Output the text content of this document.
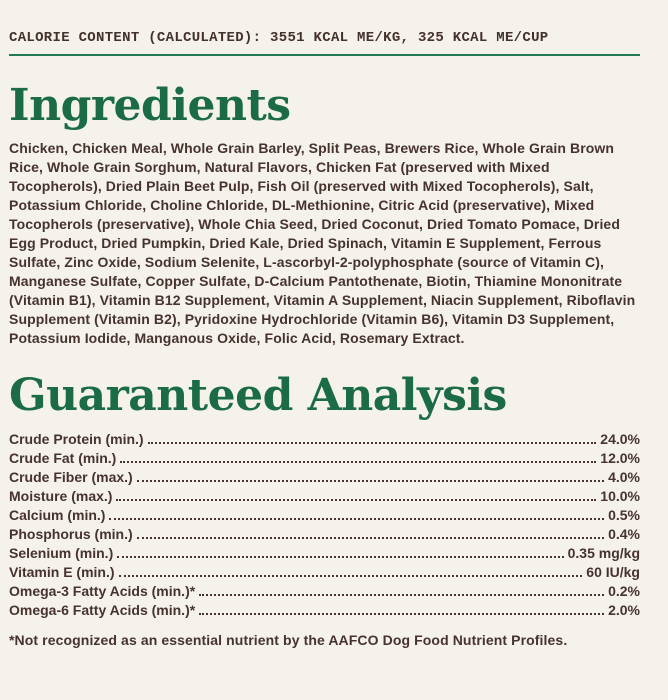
CALORIE CONTENT (CALCULATED): 3551 KCAL ME/KG, 325 KCAL ME/CUP
Ingredients

Chicken, Chicken Meal, Whole Grain Barley, Split Peas, Brewers Rice, Whole Grain Brown Rice, Whole Grain Sorghum, Natural Flavors, Chicken Fat (preserved with Mixed Tocopherols), Dried Plain Beet Pulp, Fish Oil (preserved with Mixed Tocopherols), Salt, Potassium Chloride, Choline Chloride, DL-Methionine, Citric Acid (preservative), Mixed Tocopherols (preservative), Whole Chia Seed, Dried Coconut, Dried Tomato Pomace, Dried Egg Product, Dried Pumpkin, Dried Kale, Dried Spinach, Vitamin E Supplement, Ferrous Sulfate, Zinc Oxide, Sodium Selenite, L-ascorbyl-2-polyphosphate (source of Vitamin C), Manganese Sulfate, Copper Sulfate, D-Calcium Pantothenate, Biotin, Thiamine Mononitrate (Vitamin B1), Vitamin B12 Supplement, Vitamin A Supplement, Niacin Supplement, Riboflavin Supplement (Vitamin B2), Pyridoxine Hydrochloride (Vitamin B6), Vitamin D3 Supplement, Potassium Iodide, Manganous Oxide, Folic Acid, Rosemary Extract.

Guaranteed Analysis
Crude Protein (min.)	24.0%
Crude Fat (min.)	12.0%
Crude Fiber (max.)	4.0%
Moisture (max.)	10.0%
Calcium (min.)	0.5%
Phosphorus (min.)	0.4%
Selenium (min.)	0.35 mg/kg
Vitamin E (min.)	60 IU/kg
Omega-3 Fatty Acids (min.)*	0.2%
Omega-6 Fatty Acids (min.)*	2.0%
*Not recognized as an essential nutrient by the AAFCO Dog Food Nutrient Profiles.
